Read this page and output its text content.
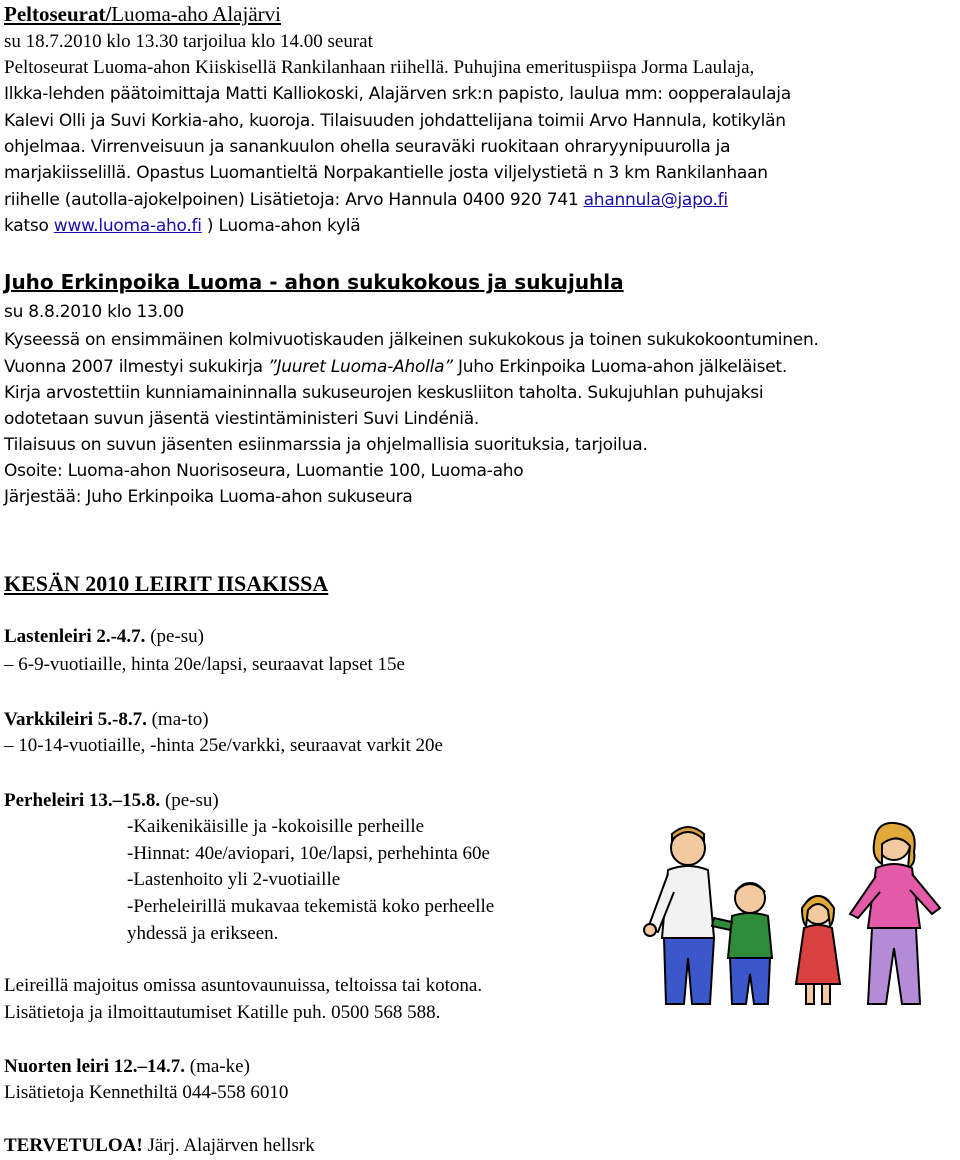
Peltoseurat/Luoma-aho Alajärvi
su 18.7.2010 klo 13.30 tarjoilua klo 14.00 seurat
Peltoseurat Luoma-ahon Kiiskisellä Rankilanhaan riihellä. Puhujina emerituspiispa Jorma Laulaja,
Ilkka-lehden päätoimittaja Matti Kalliokoski, Alajärven srk:n papisto, laulua mm: oopperalaulaja
Kalevi Olli ja Suvi Korkia-aho, kuoroja. Tilaisuuden johdattelijana toimii Arvo Hannula, kotikylän
ohjelmaa. Virrenveisuun ja sanankuulon ohella seuraväki ruokitaan ohraryynipuurolla ja
marjakiisselillä. Opastus Luomantieltä Norpakantielle josta viljelystietä n 3 km Rankilanhaan
riihelle (autolla-ajokelpoinen) Lisätietoja: Arvo Hannula 0400 920 741 ahannula@japo.fi
katso www.luoma-aho.fi ) Luoma-ahon kylä
Juho Erkinpoika Luoma - ahon sukukokous ja sukujuhla
su 8.8.2010 klo 13.00
Kyseessä on ensimmäinen kolmivuotiskauden jälkeinen sukukokous ja toinen sukukokoontuminen.
Vuonna 2007 ilmestyi sukukirja ”Juuret Luoma-Aholla” Juho Erkinpoika Luoma-ahon jälkeläiset.
Kirja arvostettiin kunniamaininnalla sukuseurojen keskusliiton taholta. Sukujuhlan puhujaksi
odotetaan suvun jäsentä viestintäministeri Suvi Lindéniä.
Tilaisuus on suvun jäsenten esiinmarssia ja ohjelmallisia suorituksia, tarjoilua.
Osoite: Luoma-ahon Nuorisoseura, Luomantie 100, Luoma-aho
Järjestää: Juho Erkinpoika Luoma-ahon sukuseura
KESÄN 2010 LEIRIT IISAKISSA
Lastenleiri 2.-4.7. (pe-su)
– 6-9-vuotiaille, hinta 20e/lapsi, seuraavat lapset 15e
Varkkileiri 5.-8.7. (ma-to)
– 10-14-vuotiaille, -hinta 25e/varkki, seuraavat varkit 20e
Perheleiri 13.–15.8. (pe-su)
-Kaikenikäisille ja -kokoisille perheille
-Hinnat: 40e/aviopari, 10e/lapsi, perhehinta 60e
-Lastenhoito yli 2-vuotiaille
-Perheleirillä mukavaa tekemistä koko perheelle
yhdessä ja erikseen.
Leireillä majoitus omissa asuntovaunuissa, teltoissa tai kotona.
Lisätietoja ja ilmoittautumiset Katille puh. 0500 568 588.
Nuorten leiri 12.–14.7. (ma-ke)
Lisätietoja Kennethiltä 044-558 6010
TERVETULOA! Järj. Alajärven hellsrk
